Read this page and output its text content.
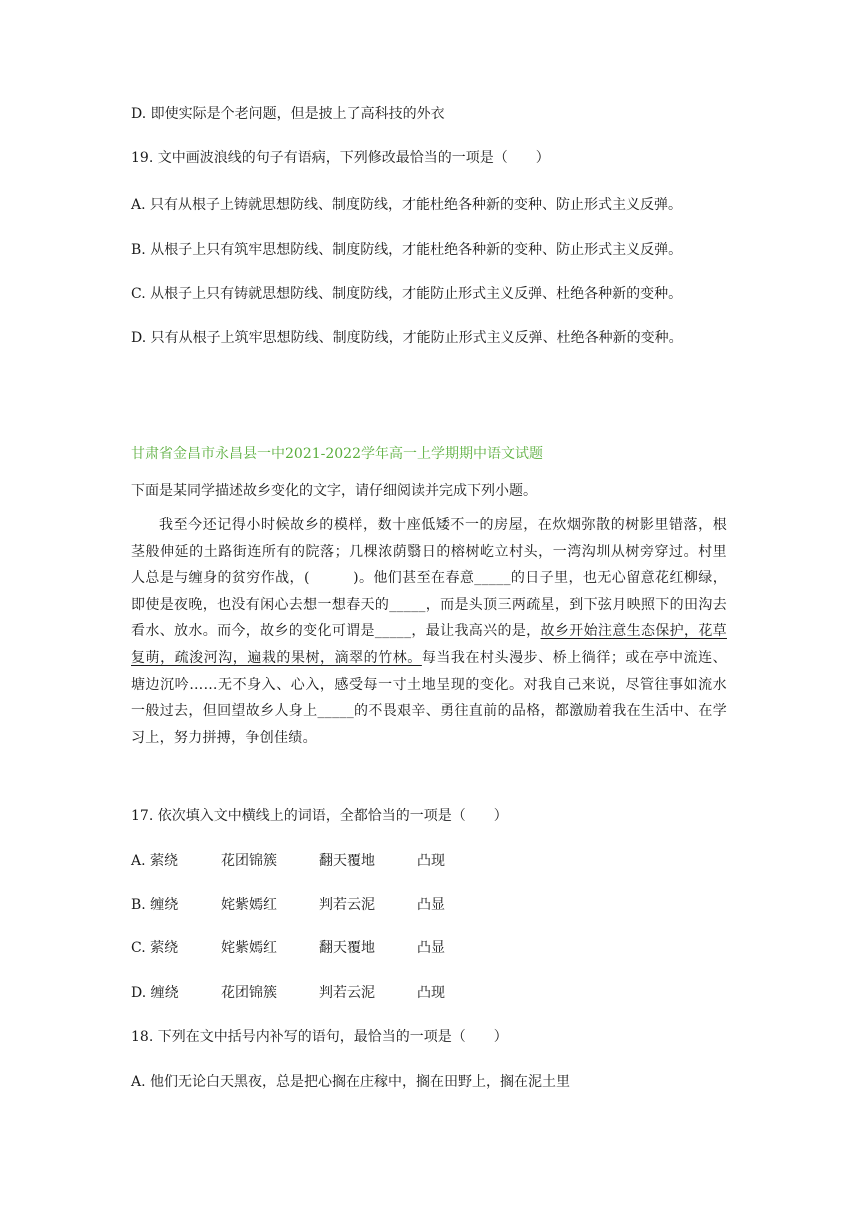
D. 即使实际是个老问题，但是披上了高科技的外衣
19. 文中画波浪线的句子有语病，下列修改最恰当的一项是（　　）
A. 只有从根子上铸就思想防线、制度防线，才能杜绝各种新的变种、防止形式主义反弹。
B. 从根子上只有筑牢思想防线、制度防线，才能杜绝各种新的变种、防止形式主义反弹。
C. 从根子上只有铸就思想防线、制度防线，才能防止形式主义反弹、杜绝各种新的变种。
D. 只有从根子上筑牢思想防线、制度防线，才能防止形式主义反弹、杜绝各种新的变种。
甘肃省金昌市永昌县一中2021-2022学年高一上学期期中语文试题
下面是某同学描述故乡变化的文字，请仔细阅读并完成下列小题。
我至今还记得小时候故乡的模样，数十座低矮不一的房屋，在炊烟弥散的树影里错落，根茎般伸延的土路街连所有的院落；几棵浓荫翳日的榕树屹立村头，一湾沟圳从树旁穿过。村里人总是与缠身的贫穷作战，(　　　)。他们甚至在春意_____的日子里，也无心留意花红柳绿，即使是夜晚，也没有闲心去想一想春天的_____，而是头顶三两疏星，到下弦月映照下的田沟去看水、放水。而今，故乡的变化可谓是_____，最让我高兴的是，故乡开始注意生态保护，花草复萌，疏浚河沟，遍栽的果树，滴翠的竹林。每当我在村头漫步、桥上徜徉；或在亭中流连、塘边沉吟……无不身入、心入，感受每一寸土地呈现的变化。对我自己来说，尽管往事如流水一般过去，但回望故乡人身上_____的不畏艰辛、勇往直前的品格，都激励着我在生活中、在学习上，努力拼搏，争创佳绩。
17. 依次填入文中横线上的词语，全都恰当的一项是（　　）
A. 萦绕	花团锦簇	翻天覆地	凸现
B. 缠绕	姹紫嫣红	判若云泥	凸显
C. 萦绕	姹紫嫣红	翻天覆地	凸显
D. 缠绕	花团锦簇	判若云泥	凸现
18. 下列在文中括号内补写的语句，最恰当的一项是（　　）
A. 他们无论白天黑夜，总是把心搁在庄稼中，搁在田野上，搁在泥土里
